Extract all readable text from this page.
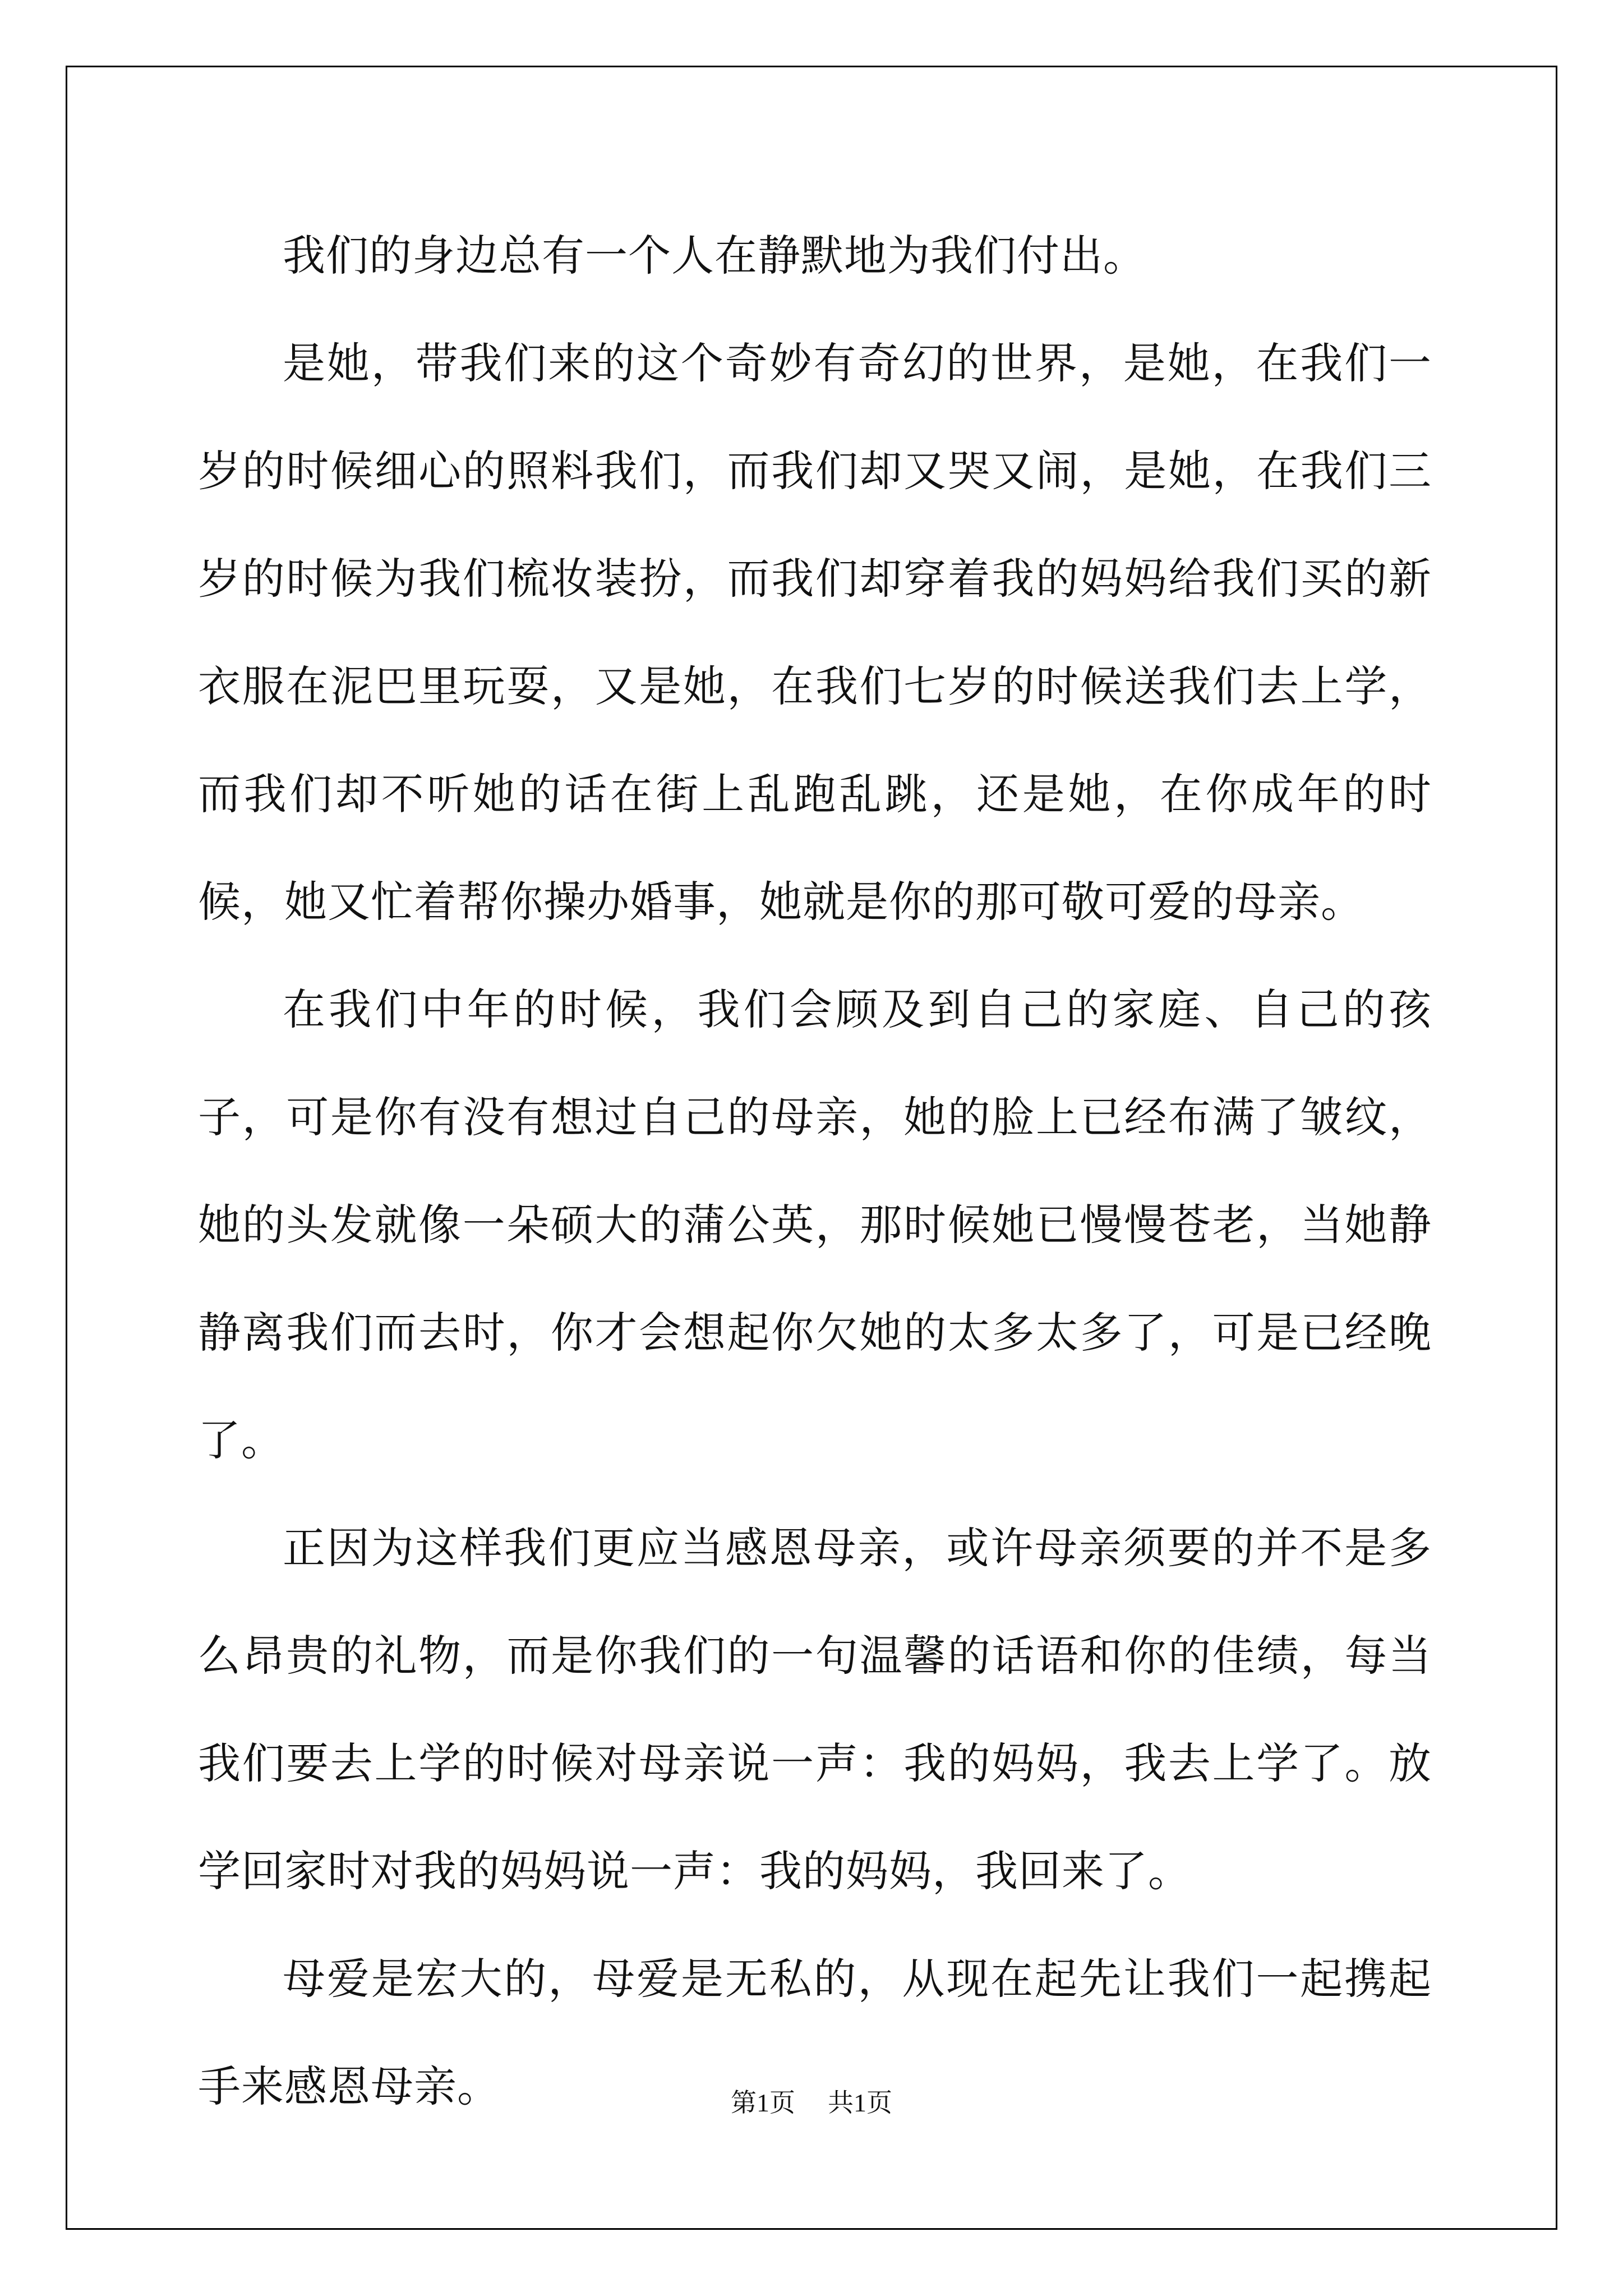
我们的身边总有一个人在静默地为我们付出。

是她，带我们来的这个奇妙有奇幻的世界，是她，在我们一岁的时候细心的照料我们，而我们却又哭又闹，是她，在我们三岁的时候为我们梳妆装扮，而我们却穿着我的妈妈给我们买的新衣服在泥巴里玩耍，又是她，在我们七岁的时候送我们去上学，而我们却不听她的话在街上乱跑乱跳，还是她，在你成年的时候，她又忙着帮你操办婚事，她就是你的那可敬可爱的母亲。

在我们中年的时候，我们会顾及到自己的家庭、自己的孩子，可是你有没有想过自己的母亲，她的脸上已经布满了皱纹，她的头发就像一朵硕大的蒲公英，那时候她已慢慢苍老，当她静静离我们而去时，你才会想起你欠她的太多太多了，可是已经晚了。

正因为这样我们更应当感恩母亲，或许母亲须要的并不是多么昂贵的礼物，而是你我们的一句温馨的话语和你的佳绩，每当我们要去上学的时候对母亲说一声：我的妈妈，我去上学了。放学回家时对我的妈妈说一声：我的妈妈，我回来了。

母爱是宏大的，母爱是无私的，从现在起先让我们一起携起手来感恩母亲。	第1页 共1页
